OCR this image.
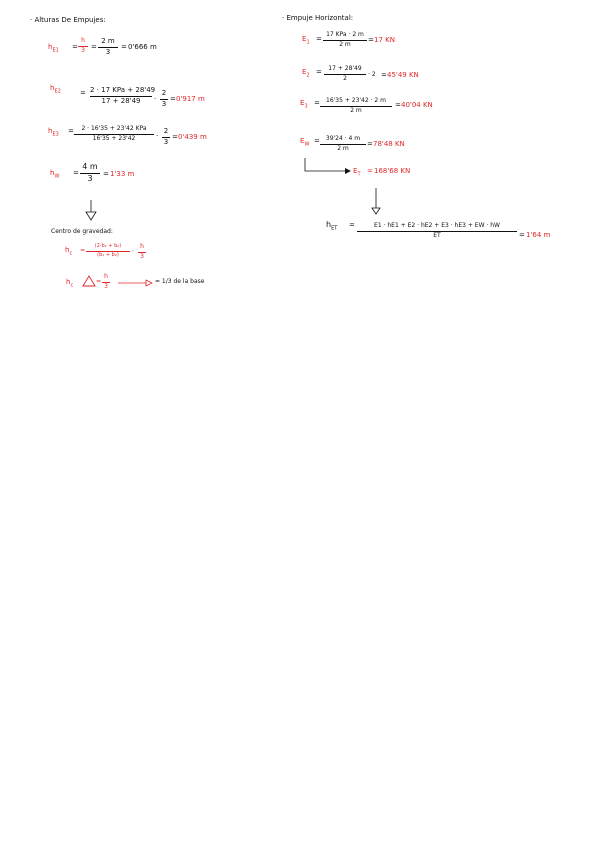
· Alturas De Empujes:
$h_{E1}$ =
h
3 =
2 m
3
= 0'666 m
$h_{E2}$	= 2 · 17 KPa + 28'49
17 + 28'49	·
2
3
= 0'917 m
$h_{E3}$ =	2 · 16'35 + 23'42 KPa
16'35 + 23'42	·
2
3
= 0'439 m
$h_W$ =
4 m
3	= 1'33 m
Centro de gravedad:
$h_c$ =
(2·b₁ + b₂)
(b₁ + b₂)	·
h
3
$h_c$
=
h
3
= 1/3 de la base
· Empuje Horizontal:
$E_1$ =
17 KPa · 2 m
2 m
= 17 KN
$E_2$ =	17 + 28'49
2
· 2 = 45'49 KN
$E_3$ =	16'35 + 23'42 · 2 m
2 m
= 40'04 KN
$E_W$ =	39'24 · 4 m
2 m
= 78'48 KN
$E_T = 168'68$ KN
$h_{ET}$ =	E1 · hE1 + E2 · hE2 + E3 · hE3 + EW · hW
ET	= 1'64 m
